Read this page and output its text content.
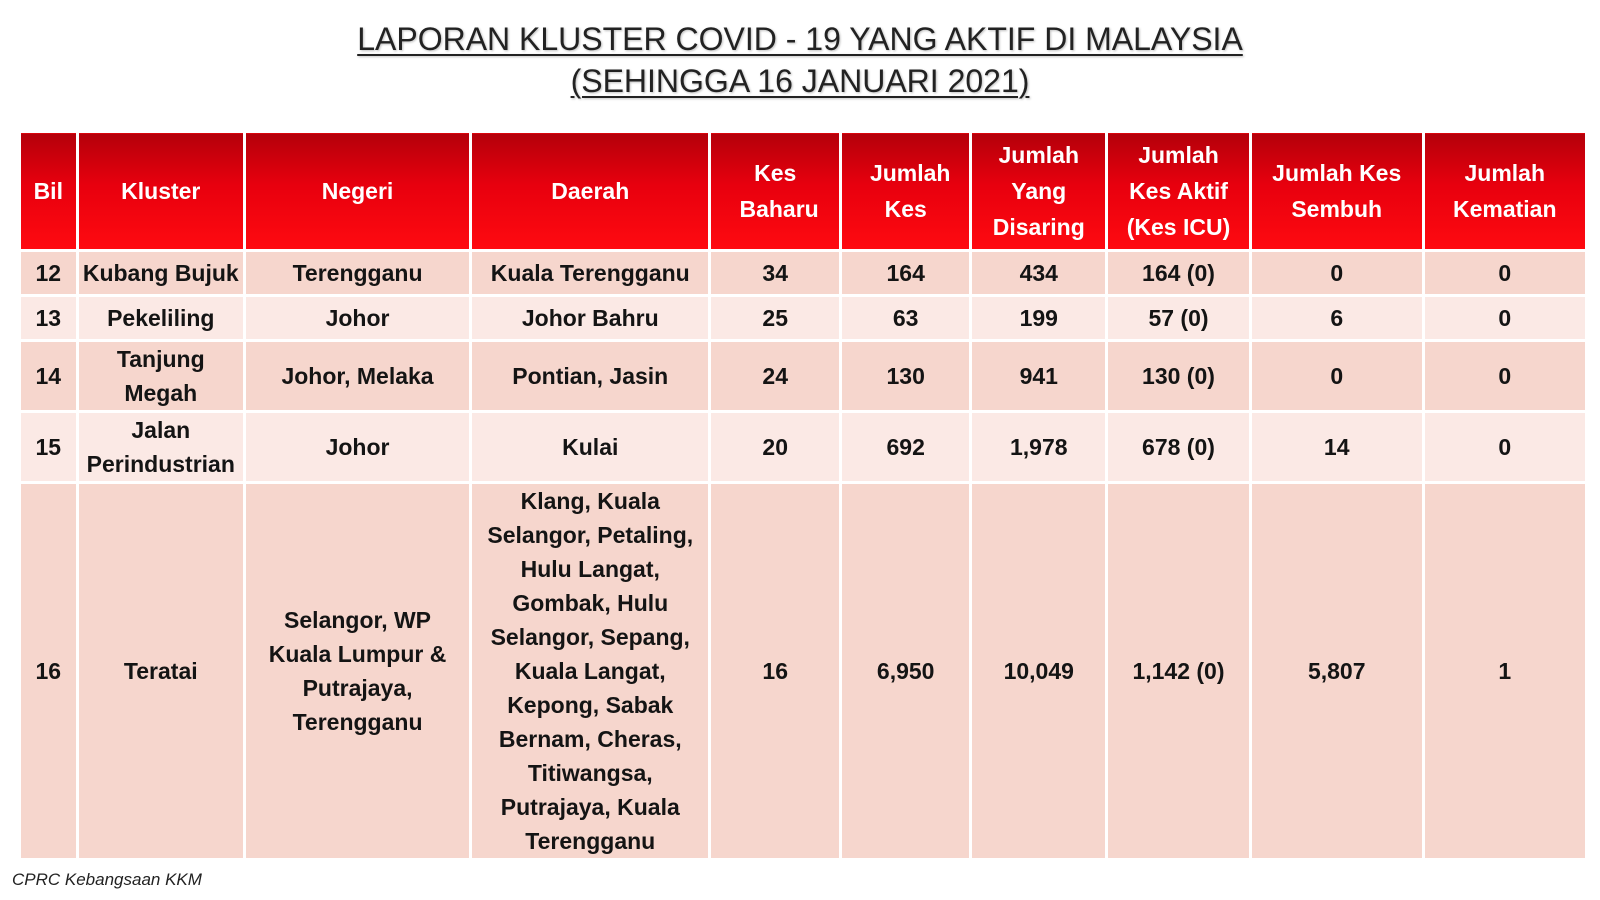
LAPORAN KLUSTER COVID - 19 YANG AKTIF DI MALAYSIA
(SEHINGGA 16 JANUARI 2021)
Bil	Kluster	Negeri	Daerah	Kes Baharu	Jumlah Kes	Jumlah Yang Disaring	Jumlah Kes Aktif (Kes ICU)	Jumlah Kes Sembuh	Jumlah Kematian
12	Kubang Bujuk	Terengganu	Kuala Terengganu	34	164	434	164 (0)	0	0
13	Pekeliling	Johor	Johor Bahru	25	63	199	57 (0)	6	0
14	Tanjung Megah	Johor, Melaka	Pontian, Jasin	24	130	941	130 (0)	0	0
15	Jalan Perindustrian	Johor	Kulai	20	692	1,978	678 (0)	14	0
16	Teratai	Selangor, WP Kuala Lumpur & Putrajaya, Terengganu	Klang, Kuala Selangor, Petaling, Hulu Langat, Gombak, Hulu Selangor, Sepang, Kuala Langat, Kepong, Sabak Bernam, Cheras, Titiwangsa, Putrajaya, Kuala Terengganu	16	6,950	10,049	1,142 (0)	5,807	1
CPRC Kebangsaan KKM
